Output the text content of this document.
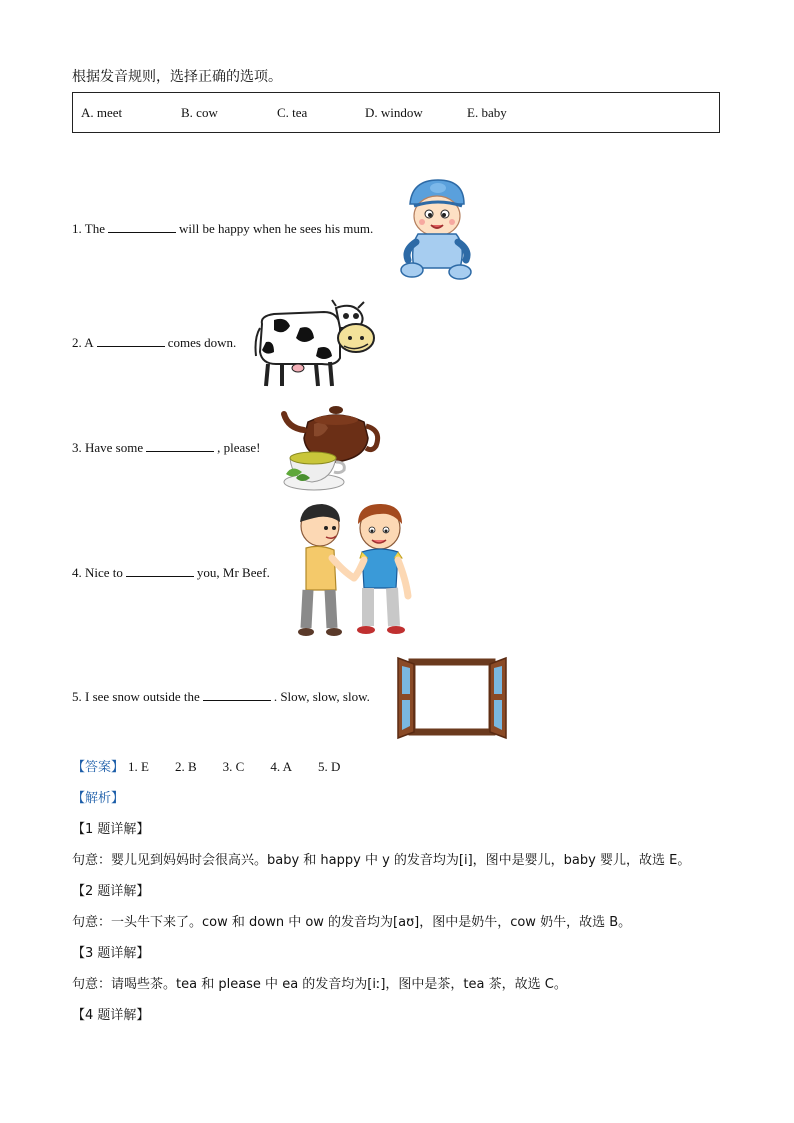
根据发音规则，选择正确的选项。
A. meet	B. cow	C. tea	D. window	E. baby
1. The	will be happy when he sees his mum.
2. A	comes down.
3. Have some	, please!
4. Nice to	you, Mr Beef.
5. I see snow outside the	. Slow, slow, slow.
【答案】 1. E 2. B 3. C 4. A 5. D
【解析】
【1 题详解】
句意：婴儿见到妈妈时会很高兴。baby 和 happy 中 y 的发音均为[i]，图中是婴儿，baby 婴儿，故选 E。
【2 题详解】
句意：一头牛下来了。cow 和 down 中 ow 的发音均为[aʊ]，图中是奶牛，cow 奶牛，故选 B。
【3 题详解】
句意：请喝些茶。tea 和 please 中 ea 的发音均为[iː]，图中是茶，tea 茶，故选 C。
【4 题详解】
